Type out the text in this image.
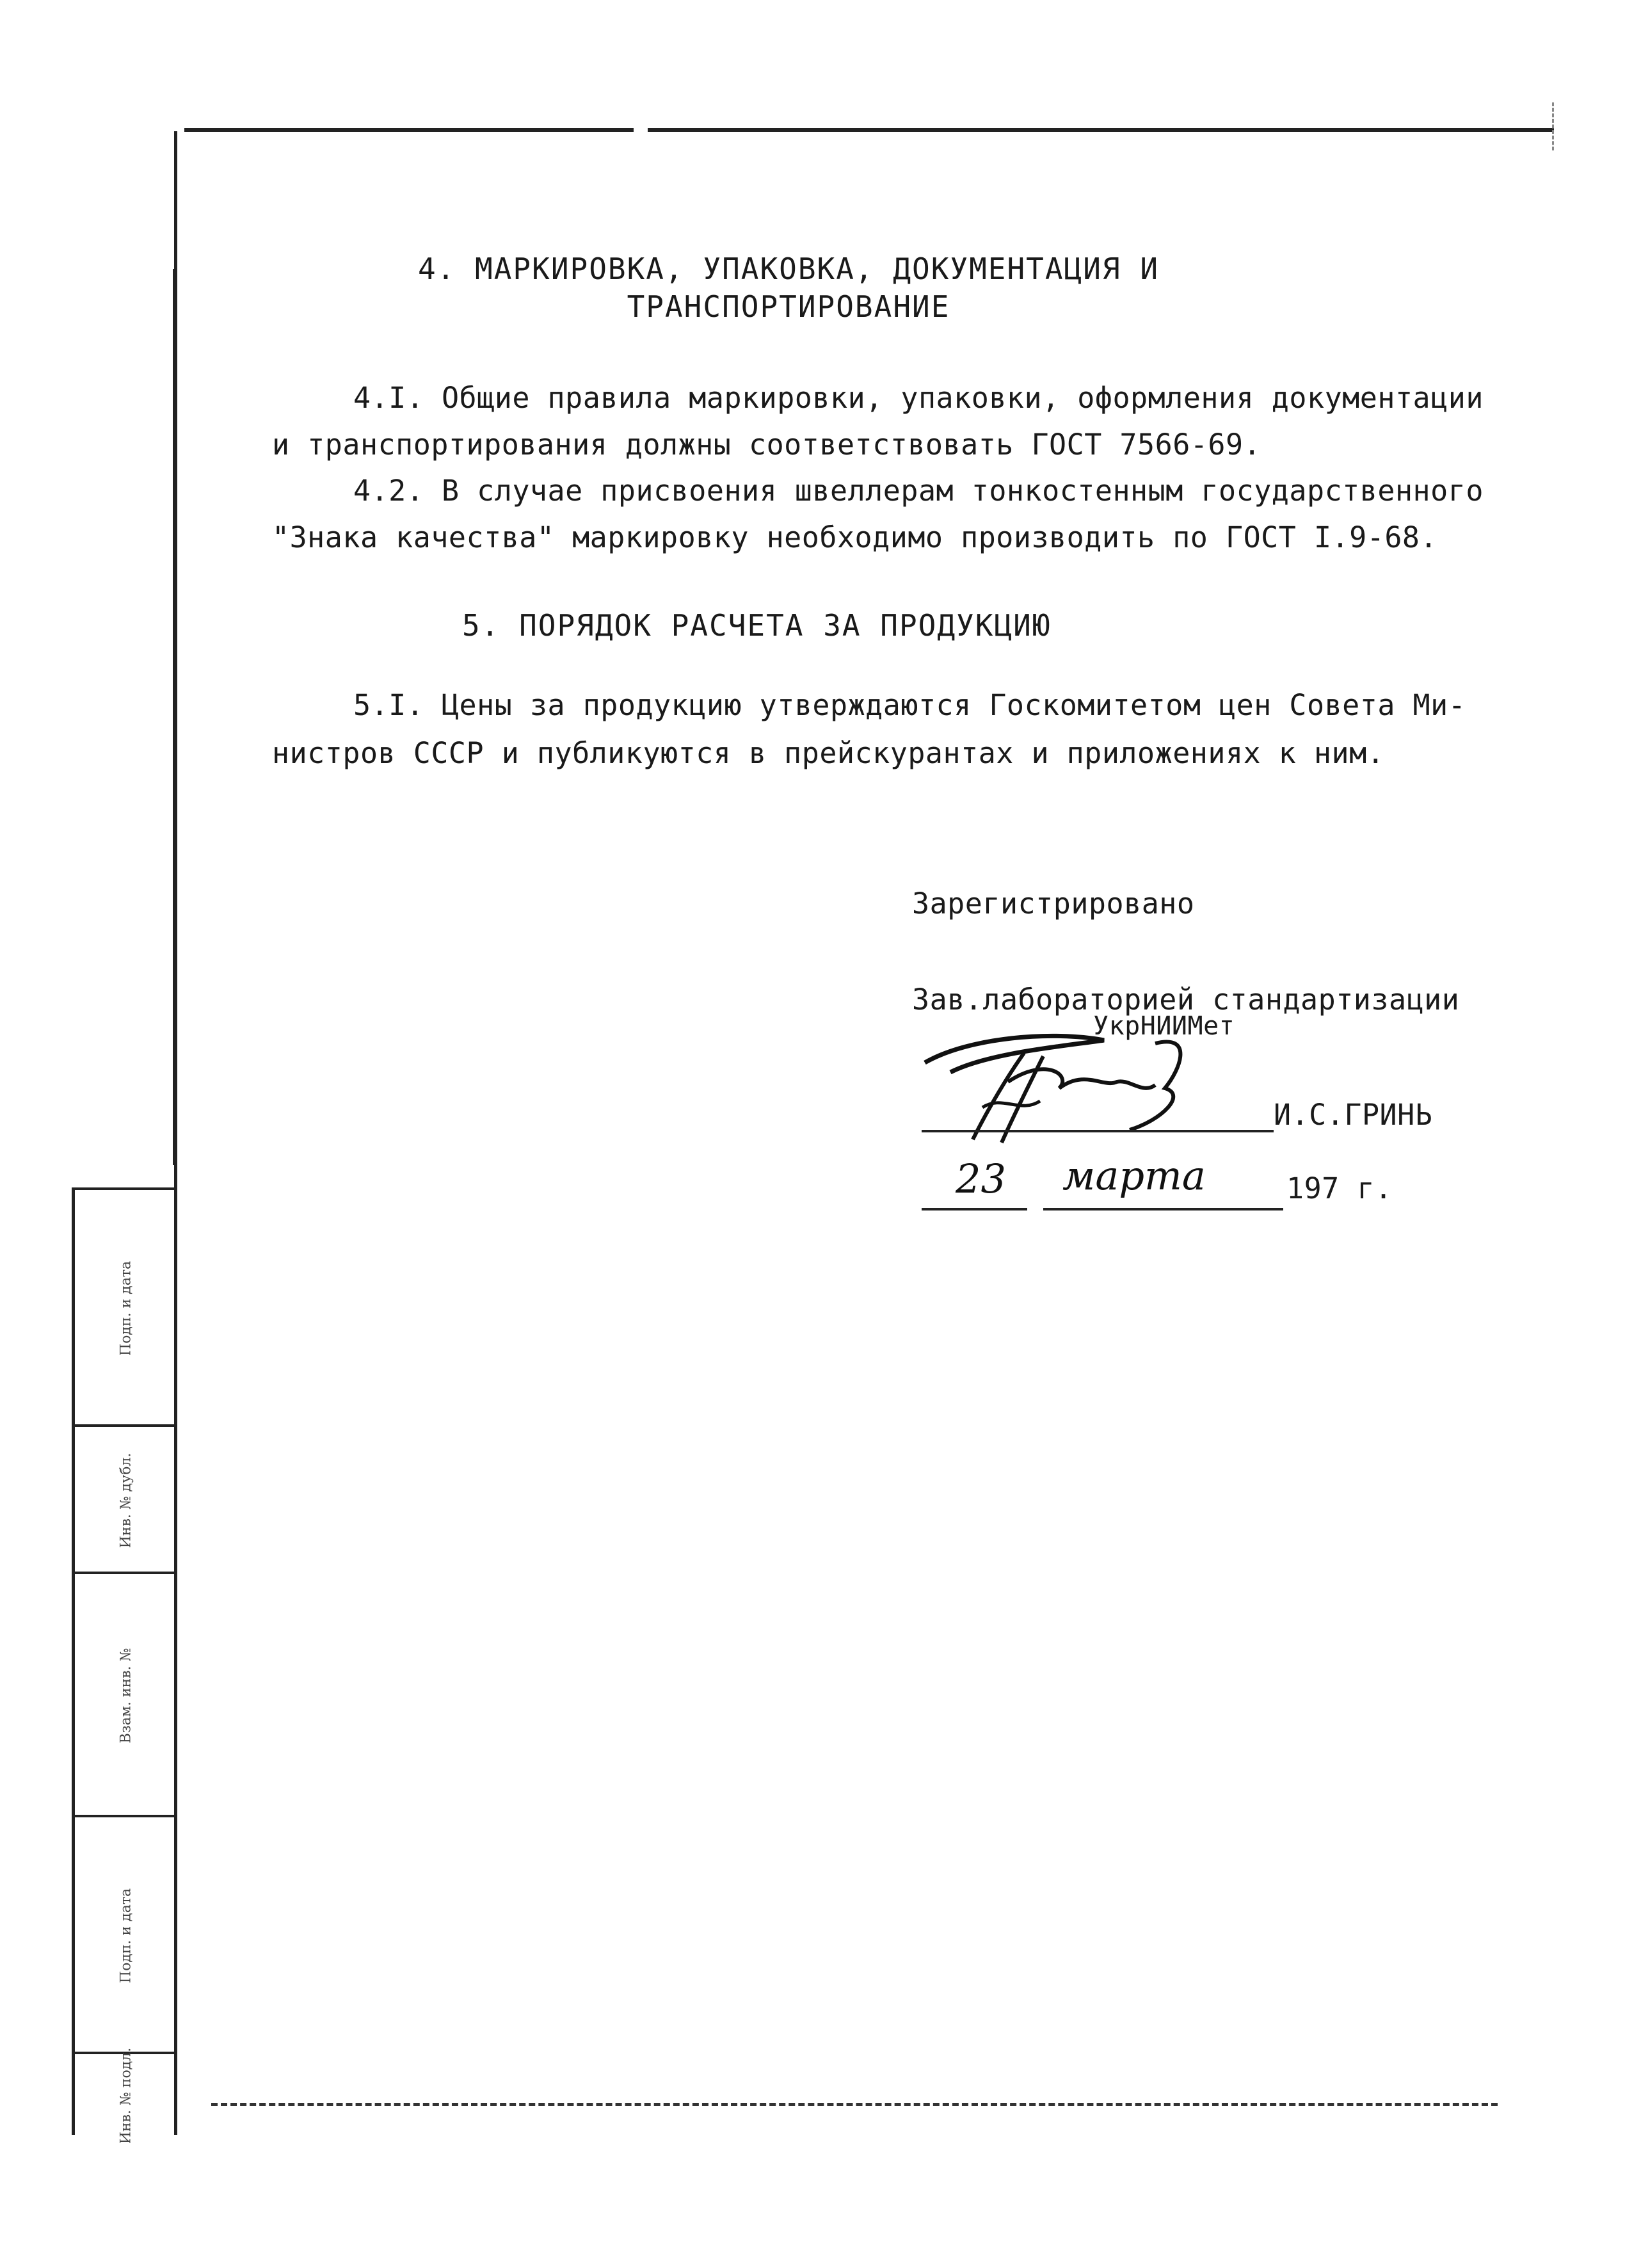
4. МАРКИРОВКА, УПАКОВКА, ДОКУМЕНТАЦИЯ И
ТРАНСПОРТИРОВАНИЕ
4.I. Общие правила маркировки, упаковки, оформления документации
и транспортирования должны соответствовать ГОСТ 7566-69.
4.2. В случае присвоения швеллерам тонкостенным государственного
"Знака качества" маркировку необходимо производить по ГОСТ I.9-68.
5. ПОРЯДОК РАСЧЕТА ЗА ПРОДУКЦИЮ
5.I. Цены за продукцию утверждаются Госкомитетом цен Совета Ми-
нистров СССР и публикуются в прейскурантах и приложениях к ним.
Зарегистрировано
Зав.лабораторией стандартизации
УкрНИИМет
И.С.ГРИНЬ
23 марта	197 г.
Подп. и дата
Инв. № дубл.
Взам. инв. №
Подп. и дата
Инв. № подл.
